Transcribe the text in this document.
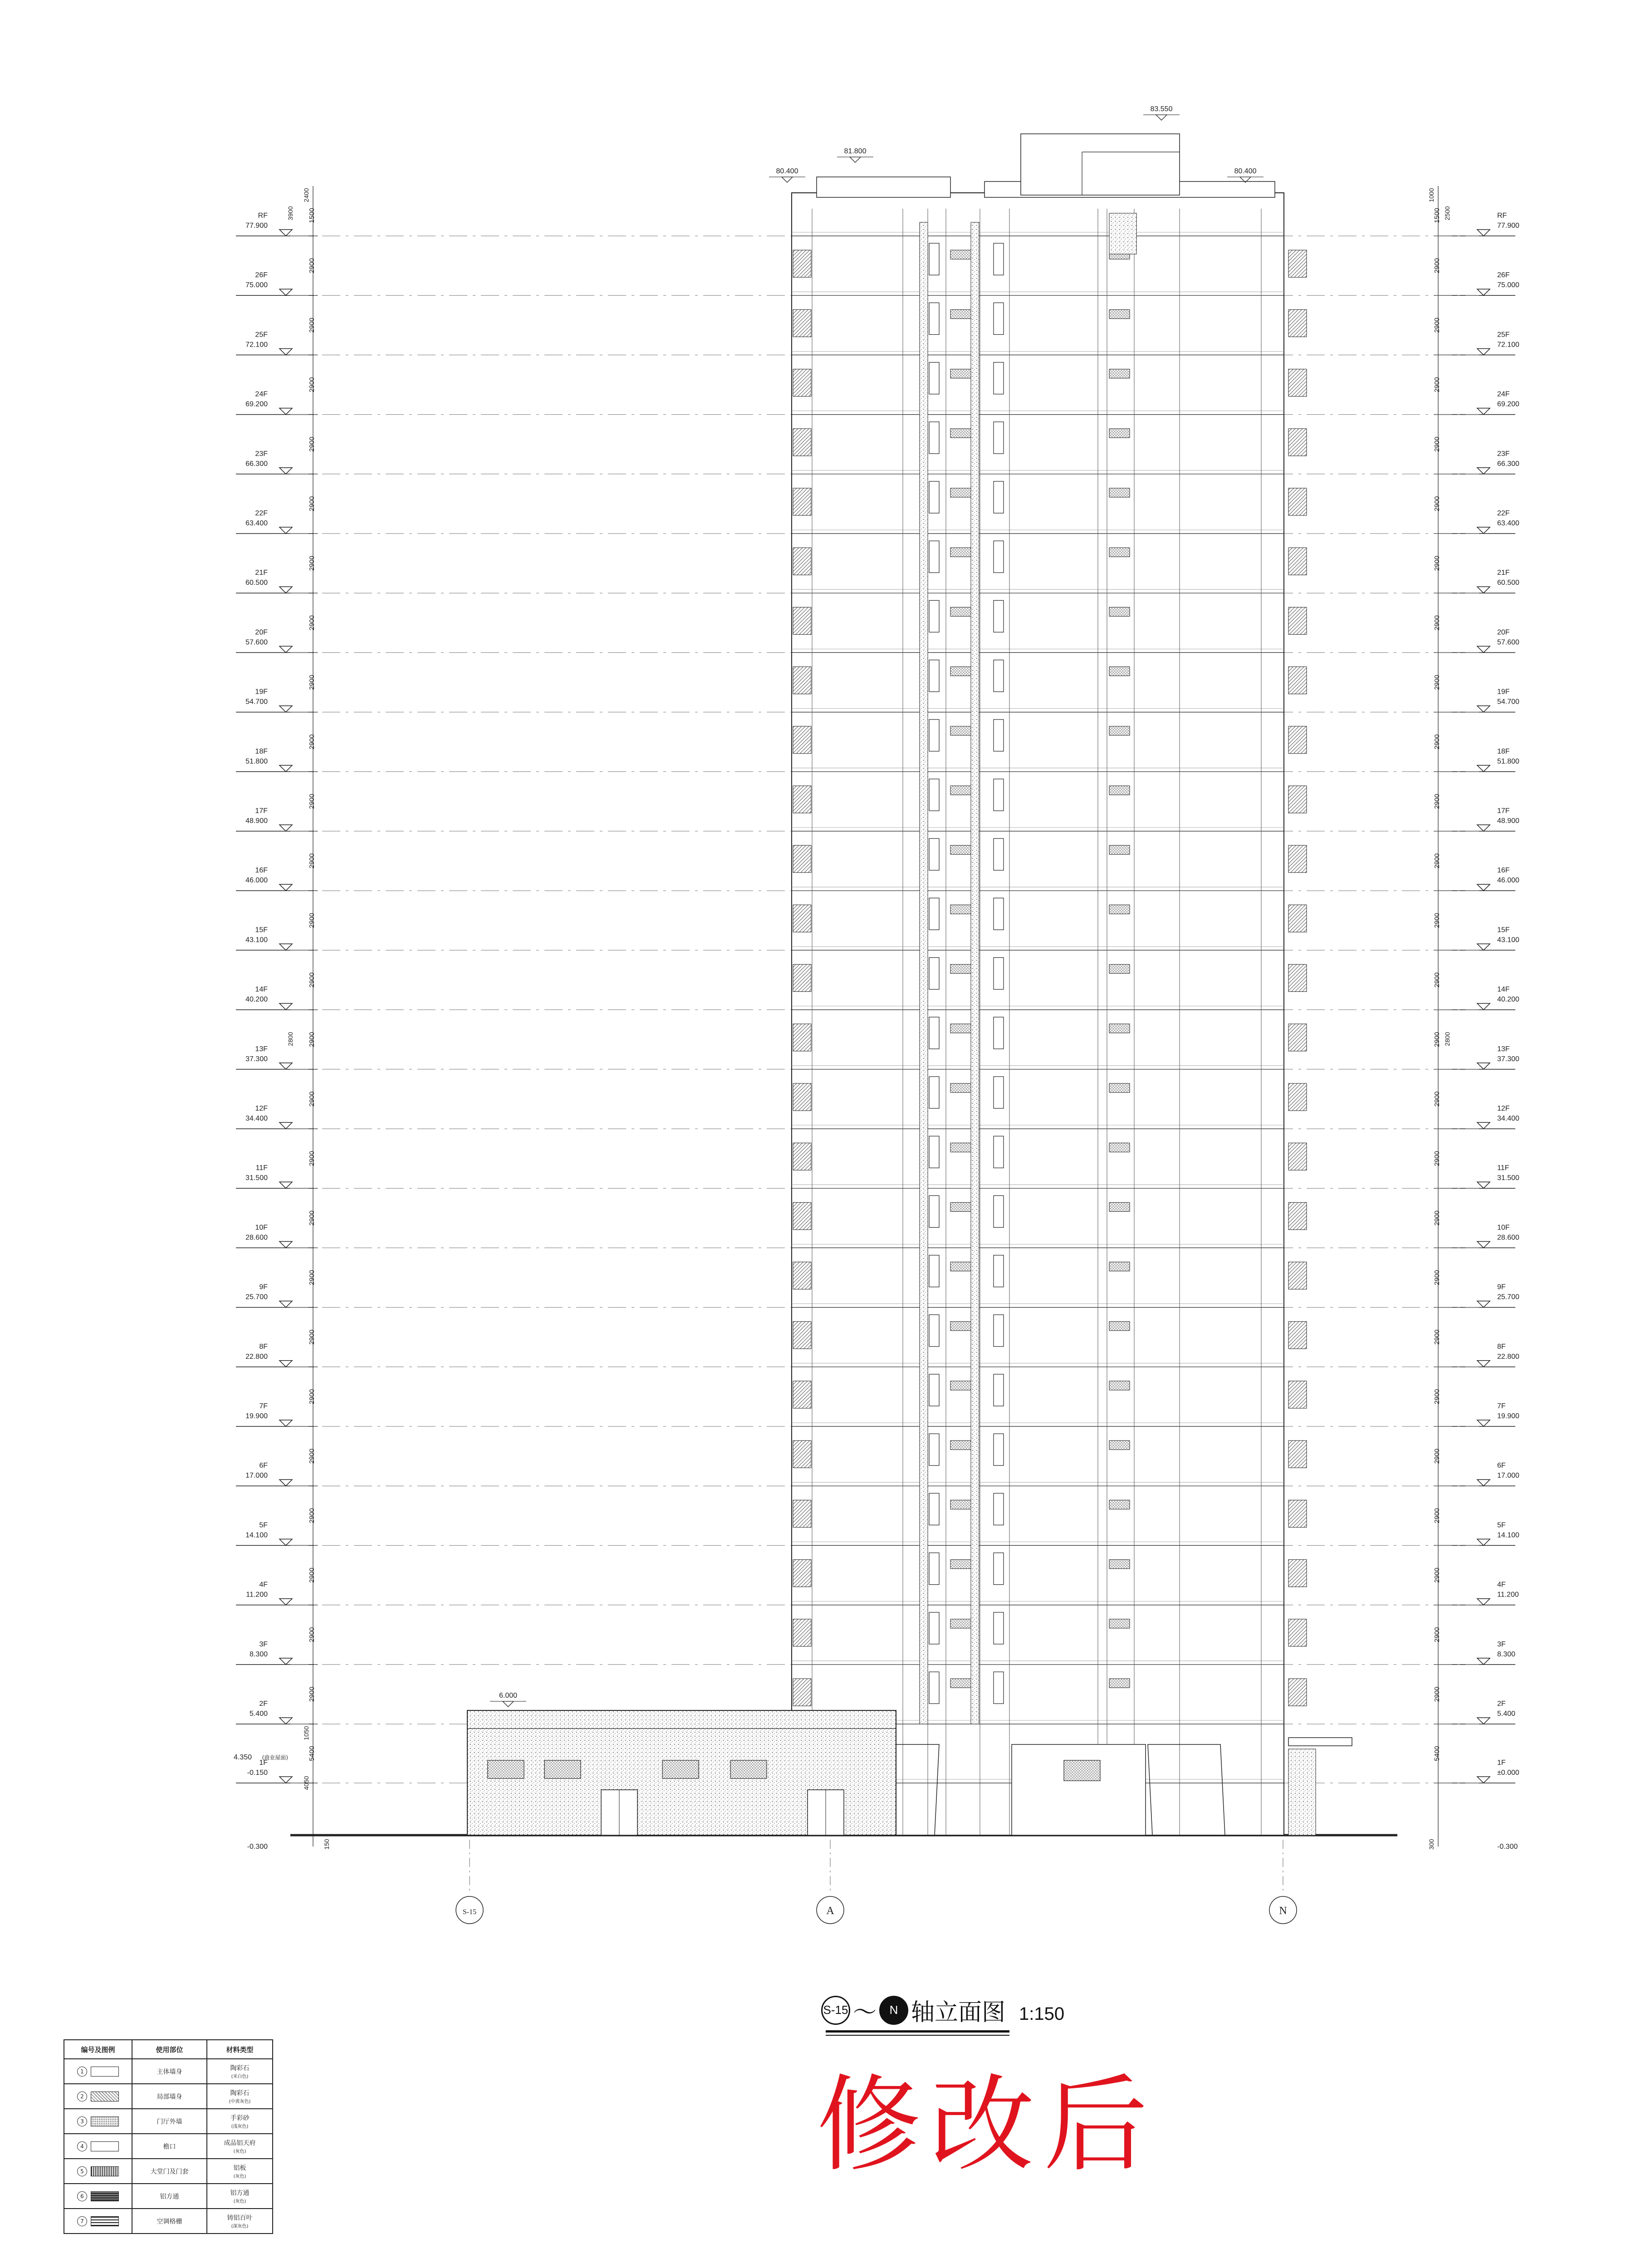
1F
-0.150
5400
2F
5.400
2900
3F
8.300
2900
4F
11.200
2900
5F
14.100
2900
6F
17.000
2900
7F
19.900
2900
8F
22.800
2900
9F
25.700
2900
10F
28.600
2900
11F
31.500
2900
12F
34.400
2900
13F
37.300
2900
14F
40.200
2900
15F
43.100
2900
16F
46.000
2900
17F
48.900
2900
18F
51.800
2900
19F
54.700
2900
20F
57.600
2900
21F
60.500
2900
22F
63.400
2900
23F
66.300
2900
24F
69.200
2900
25F
72.100
2900
26F
75.000
2900
RF
77.900
1500
1F
±0.000
5400
2F
5.400
2900
3F
8.300
2900
4F
11.200
2900
5F
14.100
2900
6F
17.000
2900
7F
19.900
2900
8F
22.800
2900
9F
25.700
2900
10F
28.600
2900
11F
31.500
2900
12F
34.400
2900
13F
37.300
2900
14F
40.200
2900
15F
43.100
2900
16F
46.000
2900
17F
48.900
2900
18F
51.800
2900
19F
54.700
2900
20F
57.600
2900
21F
60.500
2900
22F
63.400
2900
23F
66.300
2900
24F
69.200
2900
25F
72.100
2900
26F
75.000
2900
RF
77.900
1500
S-15	A	N
81.800
80.400	80.400
83.550
6.000
-0.300	-0.300
4.350 (商业屋面)
2400
3900
1000
2500
150	300
1050
4050
2800	2800
S-15 ～	N 轴立面图 1:150
修改后
编号及图例	使用部位	材料类型
1	主体墙身	陶彩石
(米白色)

2	局部墙身	陶彩石
(中黄灰色)

3	门厅外墙	手彩砂
(浅灰色)

4	檐口	成品铝天府
(灰色)

5	大堂门及门套	铝板
(灰色)

6	铝方通	铝方通
(灰色)

7	空调格栅	铸铝百叶
(深灰色)
